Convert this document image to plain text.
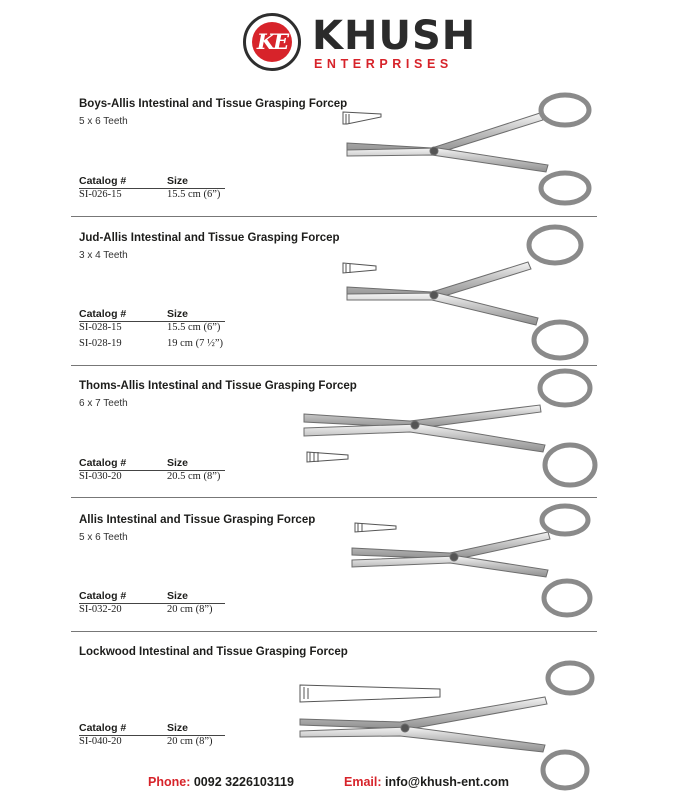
KE KHUSH
ENTERPRISES
Boys-Allis Intestinal and Tissue Grasping Forcep
5 x 6 Teeth
Catalog #	Size
SI-026-15	15.5 cm (6”)
Jud-Allis Intestinal and Tissue Grasping Forcep
3 x 4 Teeth
Catalog #	Size
SI-028-15	15.5 cm (6”)
SI-028-19	19 cm (7 ½”)
Thoms-Allis Intestinal and Tissue Grasping Forcep
6 x 7 Teeth
Catalog #	Size
SI-030-20	20.5 cm (8”)
Allis Intestinal and Tissue Grasping Forcep
5 x 6 Teeth
Catalog #	Size
SI-032-20	20 cm (8”)
Lockwood Intestinal and Tissue Grasping Forcep
Catalog #	Size
SI-040-20	20 cm (8”)
Phone: 0092 3226103119	Email: info@khush-ent.com
